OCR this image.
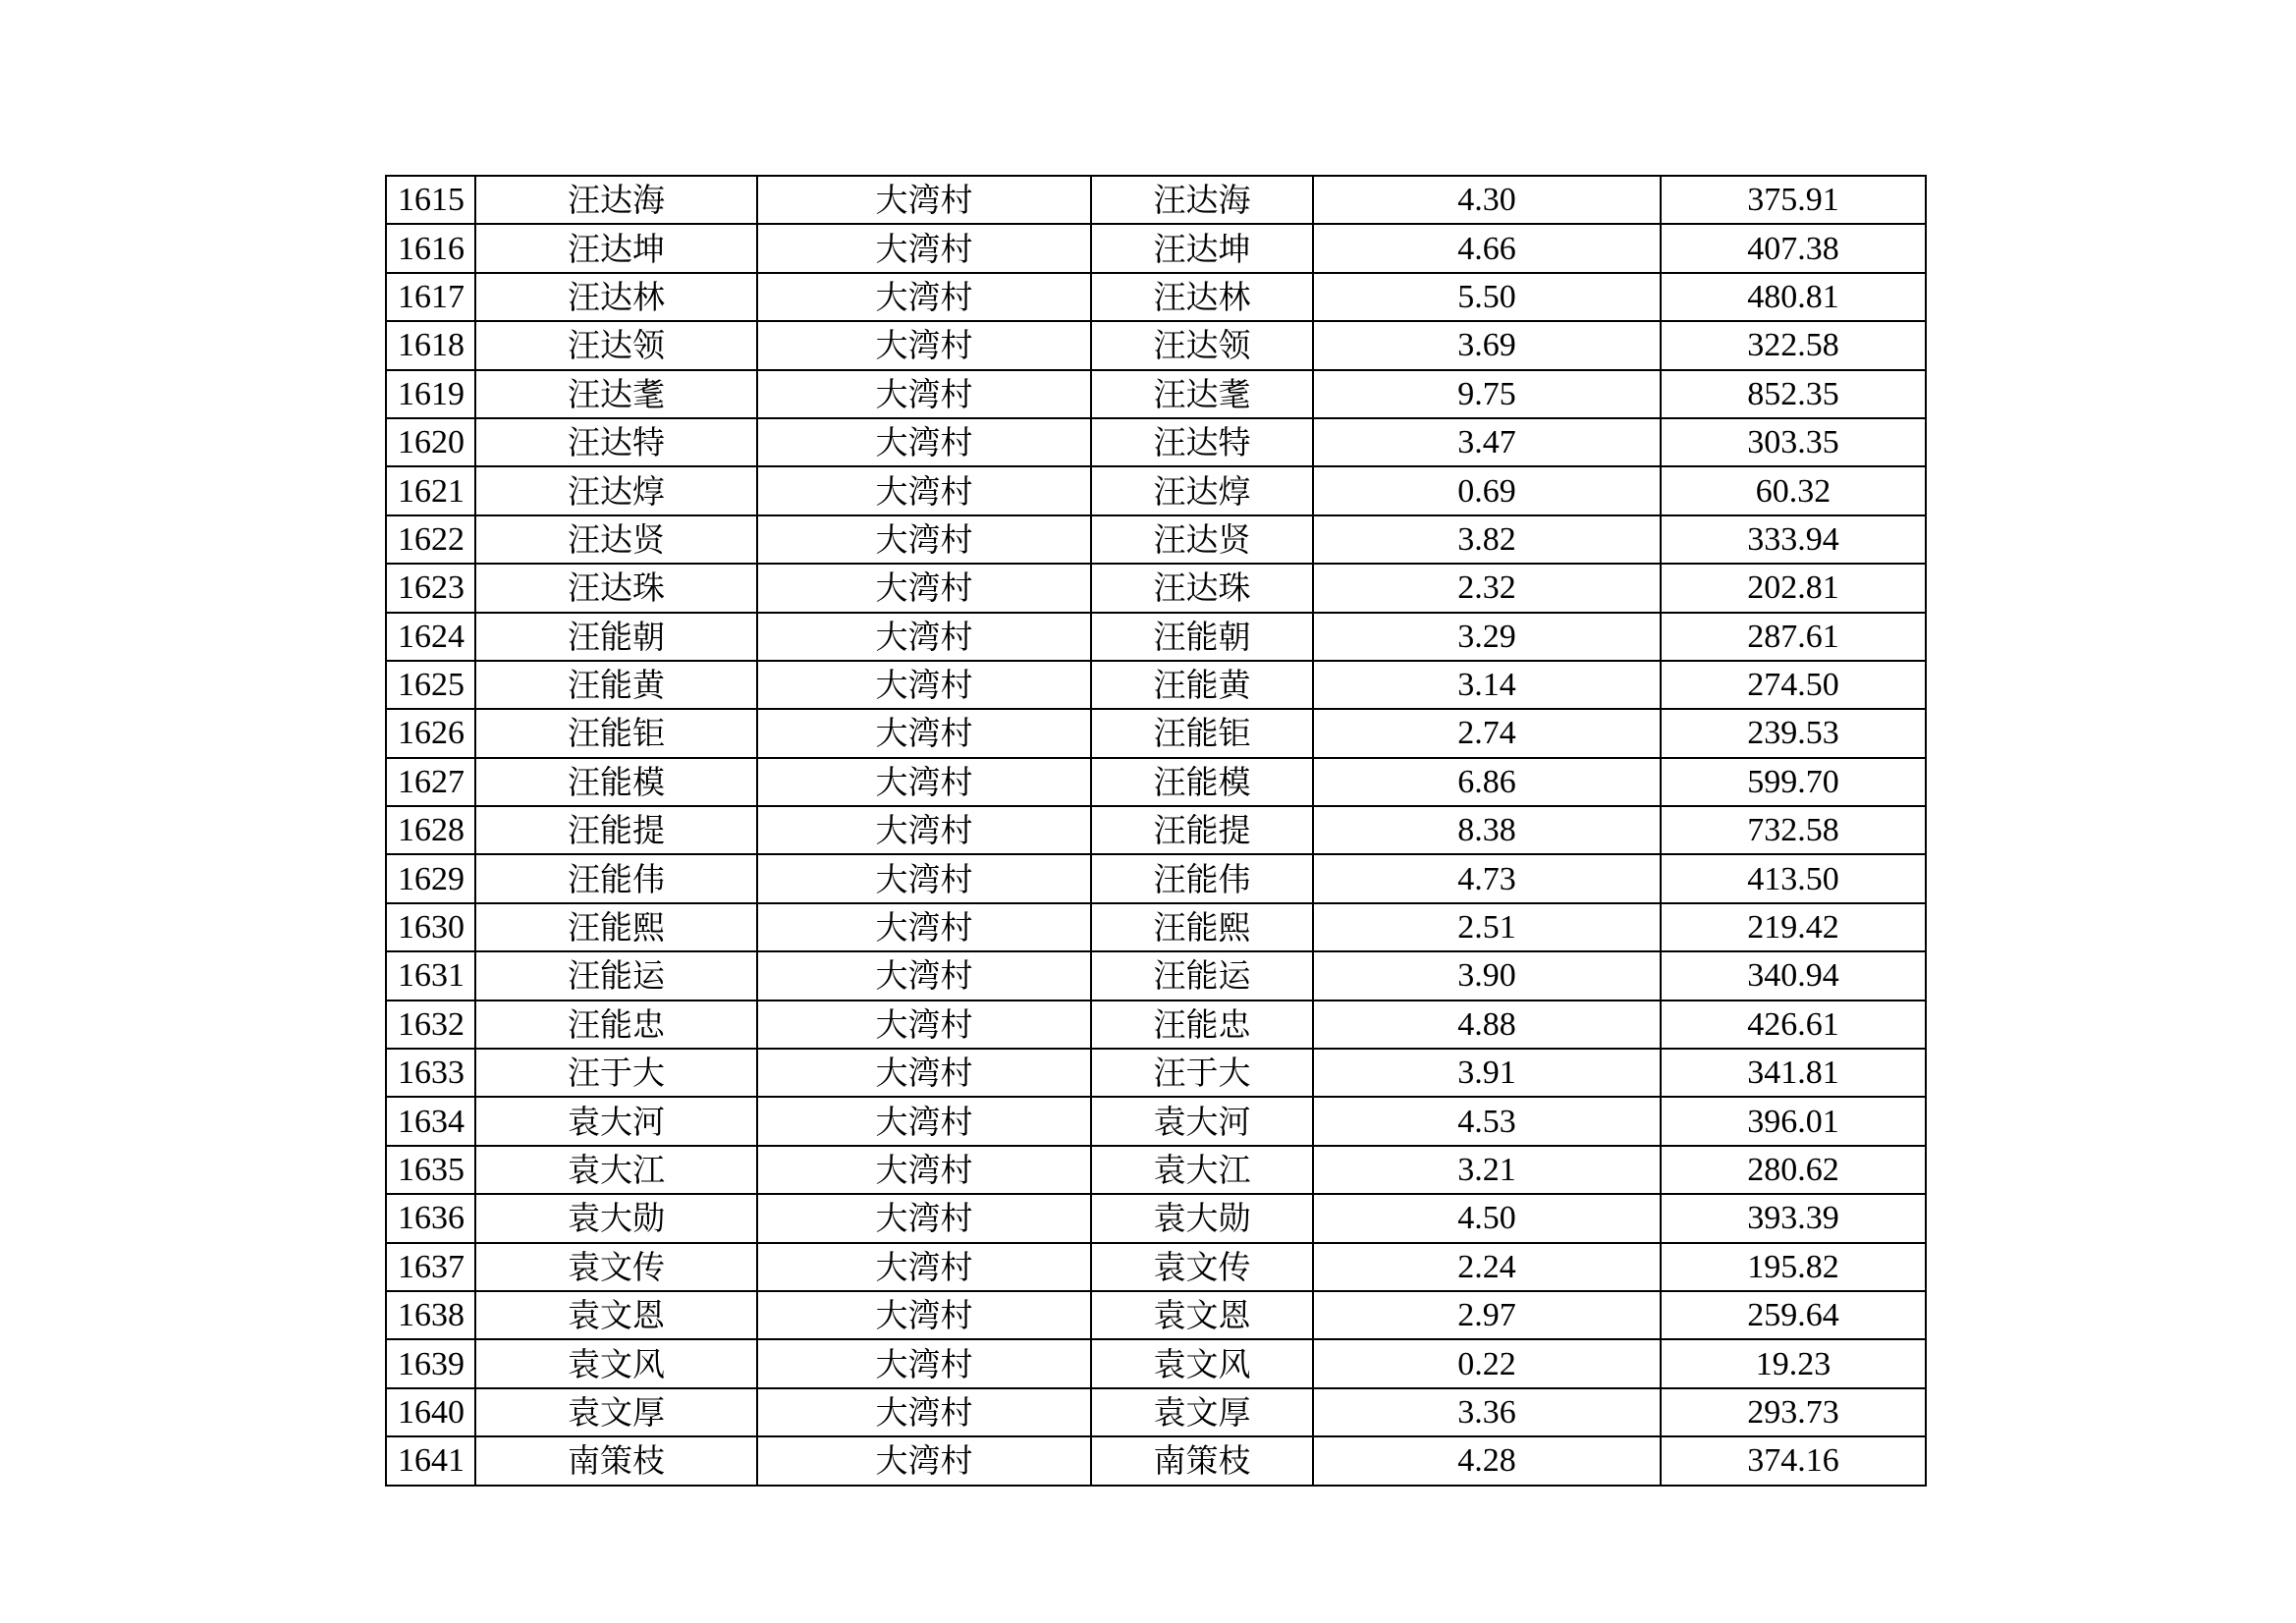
1615	汪达海	大湾村	汪达海	4.30	375.91
1616	汪达坤	大湾村	汪达坤	4.66	407.38
1617	汪达林	大湾村	汪达林	5.50	480.81
1618	汪达领	大湾村	汪达领	3.69	322.58
1619	汪达耄	大湾村	汪达耄	9.75	852.35
1620	汪达特	大湾村	汪达特	3.47	303.35
1621	汪达焞	大湾村	汪达焞	0.69	60.32
1622	汪达贤	大湾村	汪达贤	3.82	333.94
1623	汪达珠	大湾村	汪达珠	2.32	202.81
1624	汪能朝	大湾村	汪能朝	3.29	287.61
1625	汪能黄	大湾村	汪能黄	3.14	274.50
1626	汪能钜	大湾村	汪能钜	2.74	239.53
1627	汪能模	大湾村	汪能模	6.86	599.70
1628	汪能提	大湾村	汪能提	8.38	732.58
1629	汪能伟	大湾村	汪能伟	4.73	413.50
1630	汪能熙	大湾村	汪能熙	2.51	219.42
1631	汪能运	大湾村	汪能运	3.90	340.94
1632	汪能忠	大湾村	汪能忠	4.88	426.61
1633	汪于大	大湾村	汪于大	3.91	341.81
1634	袁大河	大湾村	袁大河	4.53	396.01
1635	袁大江	大湾村	袁大江	3.21	280.62
1636	袁大勋	大湾村	袁大勋	4.50	393.39
1637	袁文传	大湾村	袁文传	2.24	195.82
1638	袁文恩	大湾村	袁文恩	2.97	259.64
1639	袁文风	大湾村	袁文风	0.22	19.23
1640	袁文厚	大湾村	袁文厚	3.36	293.73
1641	南策枝	大湾村	南策枝	4.28	374.16
